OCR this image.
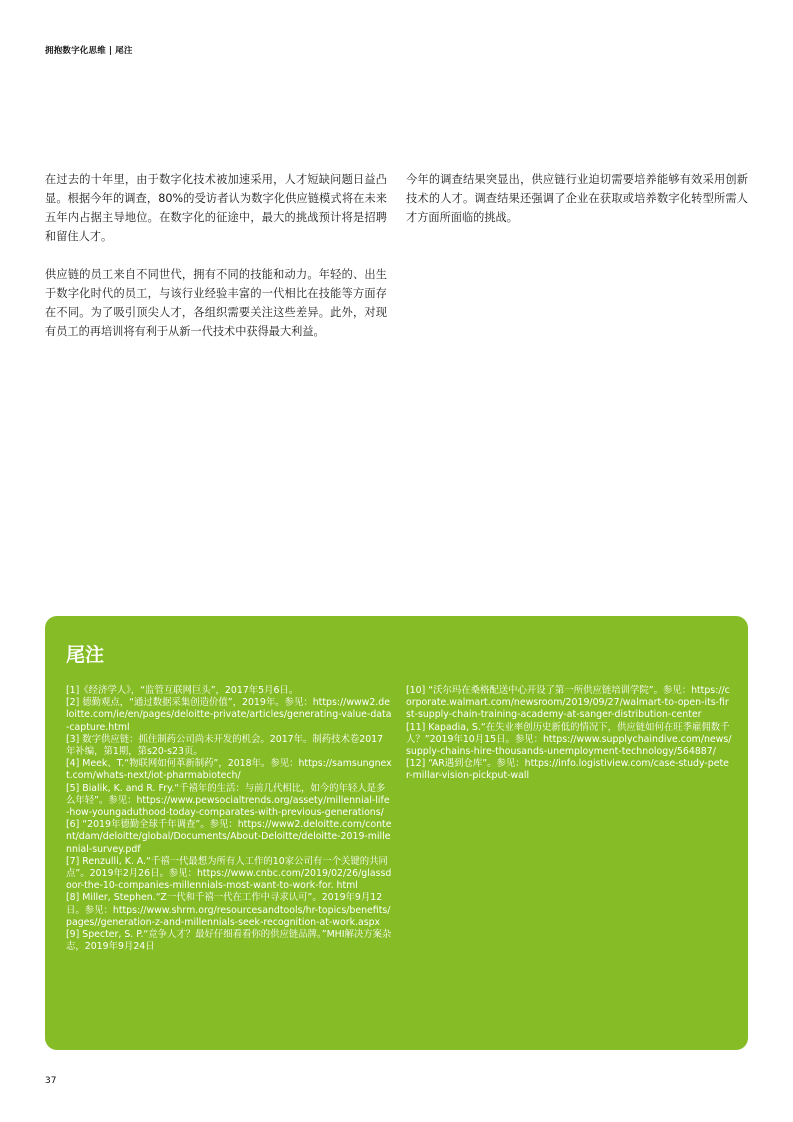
拥抱数字化思维 | 尾注

在过去的十年里，由于数字化技术被加速采用，人才短缺问题日益凸显。根据今年的调查，80%的受访者认为数字化供应链模式将在未来五年内占据主导地位。在数字化的征途中，最大的挑战预计将是招聘和留住人才。

供应链的员工来自不同世代，拥有不同的技能和动力。年轻的、出生于数字化时代的员工，与该行业经验丰富的一代相比在技能等方面存在不同。为了吸引顶尖人才，各组织需要关注这些差异。此外，对现有员工的再培训将有利于从新一代技术中获得最大利益。

今年的调查结果突显出，供应链行业迫切需要培养能够有效采用创新技术的人才。调查结果还强调了企业在获取或培养数字化转型所需人才方面所面临的挑战。

尾注

[1]《经济学人》，“监管互联网巨头”，2017年5月6日。

[2] 德勤观点，“通过数据采集创造价值”，2019年。参见：https://www2.deloitte.com/ie/en/pages/deloitte-private/articles/generating-value-data-capture.html

[3] 数字供应链：抓住制药公司尚未开发的机会。2017年。制药技术卷2017年补编，第1期，第s20-s23页。

[4] Meek、T.“物联网如何革新制药”，2018年。参见：https://samsungnext.com/whats-next/iot-pharmabiotech/

[5] Bialik, K. and R. Fry.“千禧年的生活：与前几代相比，如今的年轻人是多么年轻”。参见：https://www.pewsocialtrends.org/assety/millennial-life-how-youngaduthood-today-comparates-with-previous-generations/

[6] “2019年德勤全球千年调查”。参见：https://www2.deloitte.com/content/dam/deloitte/global/Documents/About-Deloitte/deloitte-2019-millennial-survey.pdf

[7] Renzulli, K. A.“千禧一代最想为所有人工作的10家公司有一个关键的共同点”。2019年2月26日。参见：https://www.cnbc.com/2019/02/26/glassdoor-the-10-companies-millennials-most-want-to-work-for. html

[8] Miller, Stephen.“Z一代和千禧一代在工作中寻求认可”。2019年9月12日。参见：https://www.shrm.org/resourcesandtools/hr-topics/benefits/pages//generation-z-and-millennials-seek-recognition-at-work.aspx

[9] Specter, S. P.“竞争人才？最好仔细看看你的供应链品牌。”MHI解决方案杂志，2019年9月24日

[10] “沃尔玛在桑格配送中心开设了第一所供应链培训学院”。参见：https://corporate.walmart.com/newsroom/2019/09/27/walmart-to-open-its-first-supply-chain-training-academy-at-sanger-distribution-center

[11] Kapadia, S.“在失业率创历史新低的情况下，供应链如何在旺季雇佣数千人？”2019年10月15日。参见：https://www.supplychaindive.com/news/supply-chains-hire-thousands-unemployment-technology/564887/

[12] “AR遇到仓库”。参见：https://info.logistiview.com/case-study-peter-millar-vision-pickput-wall

37
